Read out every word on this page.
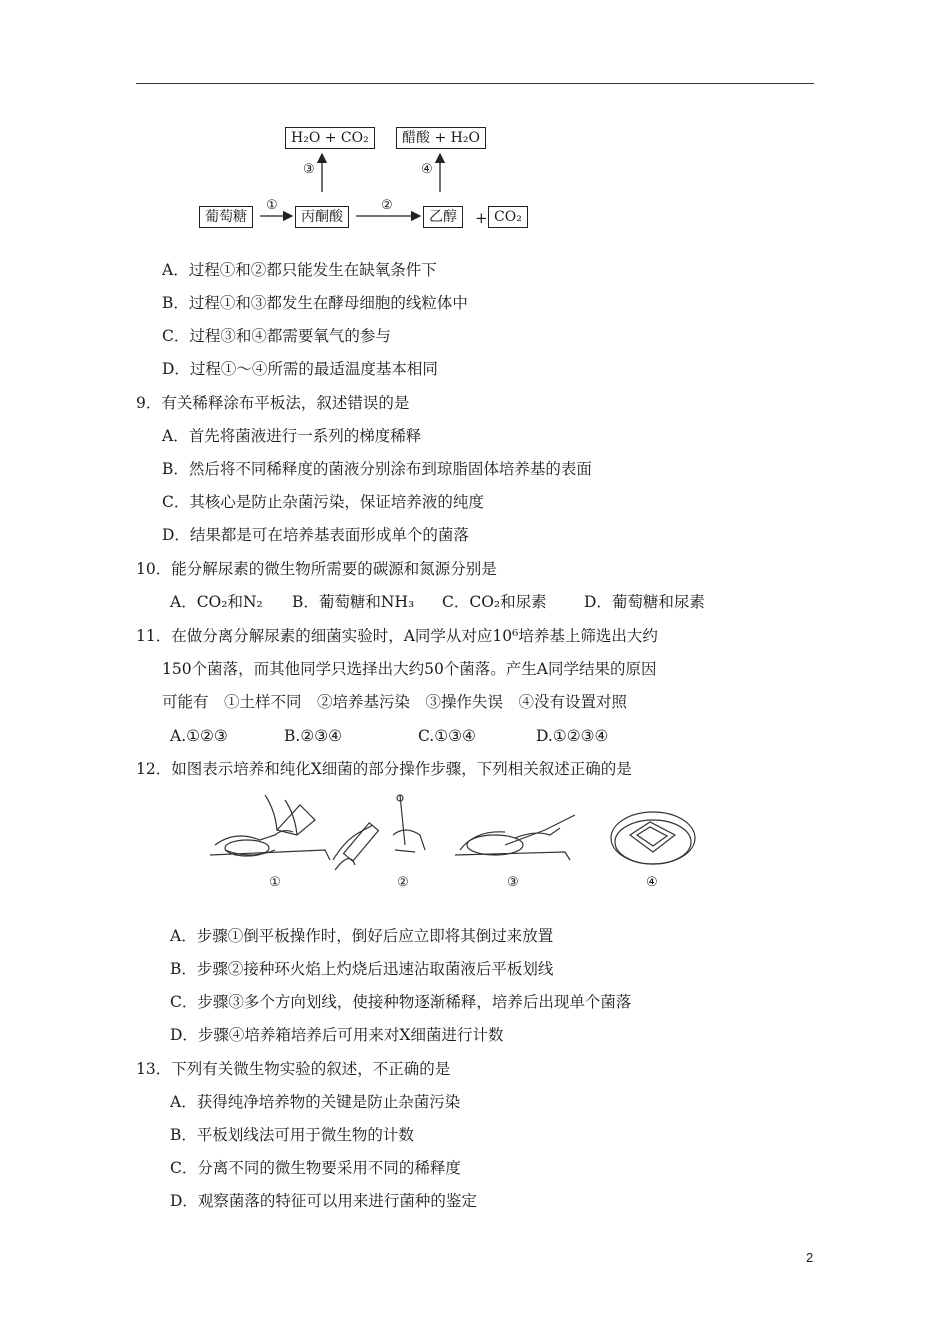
H₂O + CO₂	醋酸 + H₂O
葡萄糖	丙酮酸	乙醇	+ CO₂
①	②
③	④
A．过程①和②都只能发生在缺氧条件下
B．过程①和③都发生在酵母细胞的线粒体中
C．过程③和④都需要氧气的参与
D．过程①～④所需的最适温度基本相同
9．有关稀释涂布平板法，叙述错误的是
A．首先将菌液进行一系列的梯度稀释
B．然后将不同稀释度的菌液分别涂布到琼脂固体培养基的表面
C．其核心是防止杂菌污染，保证培养液的纯度
D．结果都是可在培养基表面形成单个的菌落
10．能分解尿素的微生物所需要的碳源和氮源分别是
A．CO₂和N₂ B．葡萄糖和NH₃ C．CO₂和尿素 D．葡萄糖和尿素
11．在做分离分解尿素的细菌实验时，A同学从对应10⁶培养基上筛选出大约
150个菌落，而其他同学只选择出大约50个菌落。产生A同学结果的原因
可能有　①土样不同　②培养基污染　③操作失误　④没有设置对照
A.①②③	B.②③④	C.①③④	D.①②③④
12．如图表示培养和纯化X细菌的部分操作步骤，下列相关叙述正确的是
①	②	③	④
A．步骤①倒平板操作时，倒好后应立即将其倒过来放置
B．步骤②接种环火焰上灼烧后迅速沾取菌液后平板划线
C．步骤③多个方向划线，使接种物逐渐稀释，培养后出现单个菌落
D．步骤④培养箱培养后可用来对X细菌进行计数
13．下列有关微生物实验的叙述，不正确的是
A．获得纯净培养物的关键是防止杂菌污染
B．平板划线法可用于微生物的计数
C．分离不同的微生物要采用不同的稀释度
D．观察菌落的特征可以用来进行菌种的鉴定
2
